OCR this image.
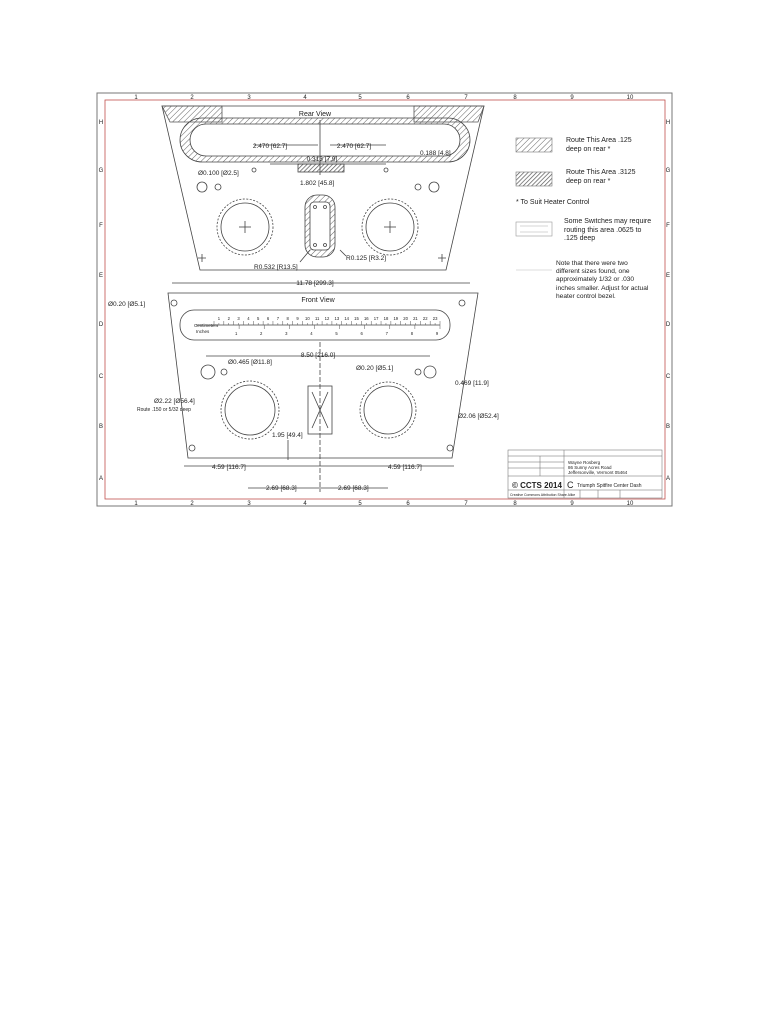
1	2	3	4	5	6	7	8	9	10
1	2	3	4	5	6	7	8	9	10
H
G
F
E
D
C
B
A
H
G
F
E
D
C
B
A
Rear View
2.470 [62.7]	2.470 [62.7]
0.313 [7.9]
0.188 [4.8]
Ø0.100 [Ø2.5]
1.802 [45.8]
R0.125 [R3.2]
R0.532 [R13.5]
11.78 [299.3]
1 2 3 4 5 6 7 8 9 10 11 12 13 14 15 16 17 18 19 20 21 22 23
1	2	3	4	5	6	7	8	9
Front View
Ø0.20 [Ø5.1]
Centimeters
Inches
8.50 [216.0]
Ø0.465 [Ø11.8]
Ø0.20 [Ø5.1]
0.469 [11.9]
Ø2.22 [Ø56.4]
Route .150 or 5/32 deep
Ø2.06 [Ø52.4]
1.95 [49.4]
4.59 [116.7]	4.59 [116.7]
2.69 [68.3]	2.69 [68.3]
Route This Area .125 deep on rear *
Route This Area .3125 deep on rear *
* To Suit Heater Control
Some Switches may require routing this area .0625 to .125 deep
Note that there were two different sizes found, one approximately 1/32 or .030 inches smaller. Adjust for actual heater control bezel.
Wayne Rosberg
86 Sunny Acres Road
Jeffersonville, Vermont 05464
© CCTS 2014 C Triumph Spitfire Center Dash
Creative Commons Attribution Share Alike
